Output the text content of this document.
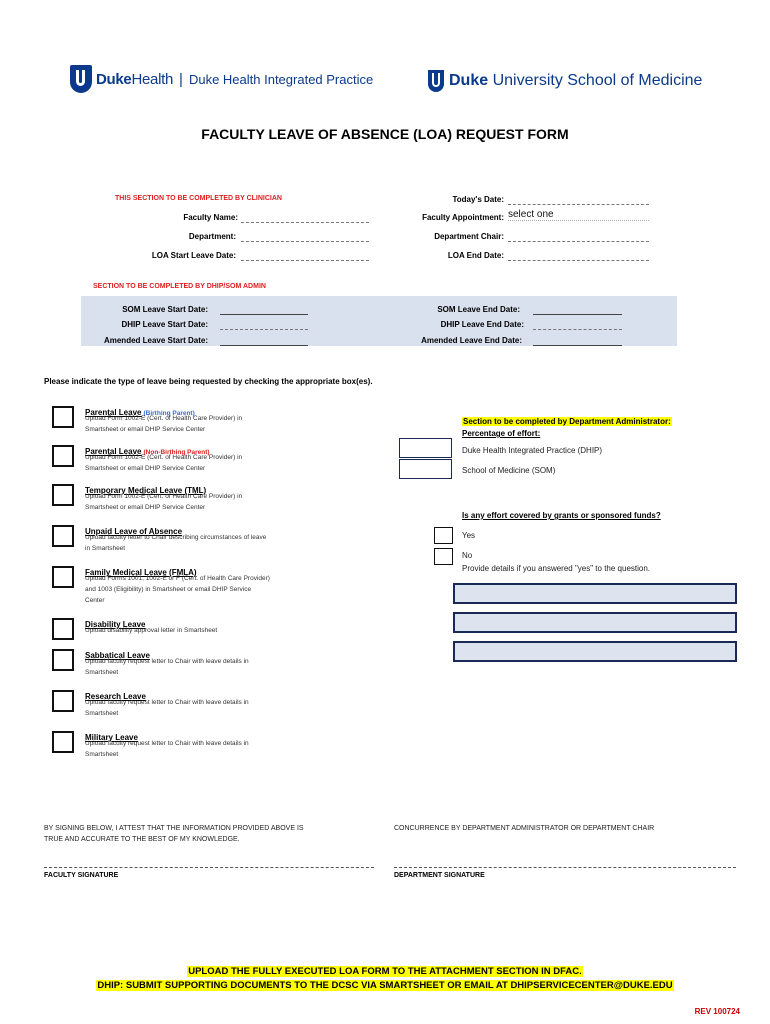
DukeHealth | Duke Health Integrated Practice	Duke University School of Medicine
FACULTY LEAVE OF ABSENCE (LOA) REQUEST FORM
THIS SECTION TO BE COMPLETED BY CLINICIAN	Today's Date:
Faculty Name:	Faculty Appointment: select one
Department:	Department Chair:
LOA Start Leave Date:	LOA End Date:
SECTION TO BE COMPLETED BY DHIP/SOM ADMIN
SOM Leave Start Date:	SOM Leave End Date:
DHIP Leave Start Date:	DHIP Leave End Date:
Amended Leave Start Date:	Amended Leave End Date:
Please indicate the type of leave being requested by checking the appropriate box(es).
Parental Leave (Birthing Parent)
Upload Form 1002-E (Cert. of Health Care Provider) in
Smartsheet or email DHIP Service Center
Parental Leave (Non-Birthing Parent)
Upload Form 1002-E (Cert. of Health Care Provider) in
Smartsheet or email DHIP Service Center
Temporary Medical Leave (TML)
Upload Form 1002-E (Cert. of Health Care Provider) in
Smartsheet or email DHIP Service Center
Unpaid Leave of Absence
Upload faculty letter to Chair describing circumstances of leave
in Smartsheet
Family Medical Leave (FMLA)
Upload Forms 1001, 1002-E or F (Cert. of Health Care Provider)
and 1003 (Eligibility) in Smartsheet or email DHIP Service
Center
Disability Leave
Upload disability approval letter in Smartsheet
Sabbatical Leave
Upload faculty request letter to Chair with leave details in
Smartsheet
Research Leave
Upload faculty request letter to Chair with leave details in
Smartsheet
Military Leave
Upload faculty request letter to Chair with leave details in
Smartsheet
Section to be completed by Department Administrator:
Percentage of effort:
Duke Health Integrated Practice (DHIP)
School of Medicine (SOM)
Is any effort covered by grants or sponsored funds?
Yes
No
Provide details if you answered "yes" to the question.
BY SIGNING BELOW, I ATTEST THAT THE INFORMATION PROVIDED ABOVE IS
TRUE AND ACCURATE TO THE BEST OF MY KNOWLEDGE.
CONCURRENCE BY DEPARTMENT ADMINISTRATOR OR DEPARTMENT CHAIR
FACULTY SIGNATURE	DEPARTMENT SIGNATURE
UPLOAD THE FULLY EXECUTED LOA FORM TO THE ATTACHMENT SECTION IN DFAC.
DHIP: SUBMIT SUPPORTING DOCUMENTS TO THE DCSC VIA SMARTSHEET OR EMAIL AT DHIPSERVICECENTER@DUKE.EDU
REV 100724
